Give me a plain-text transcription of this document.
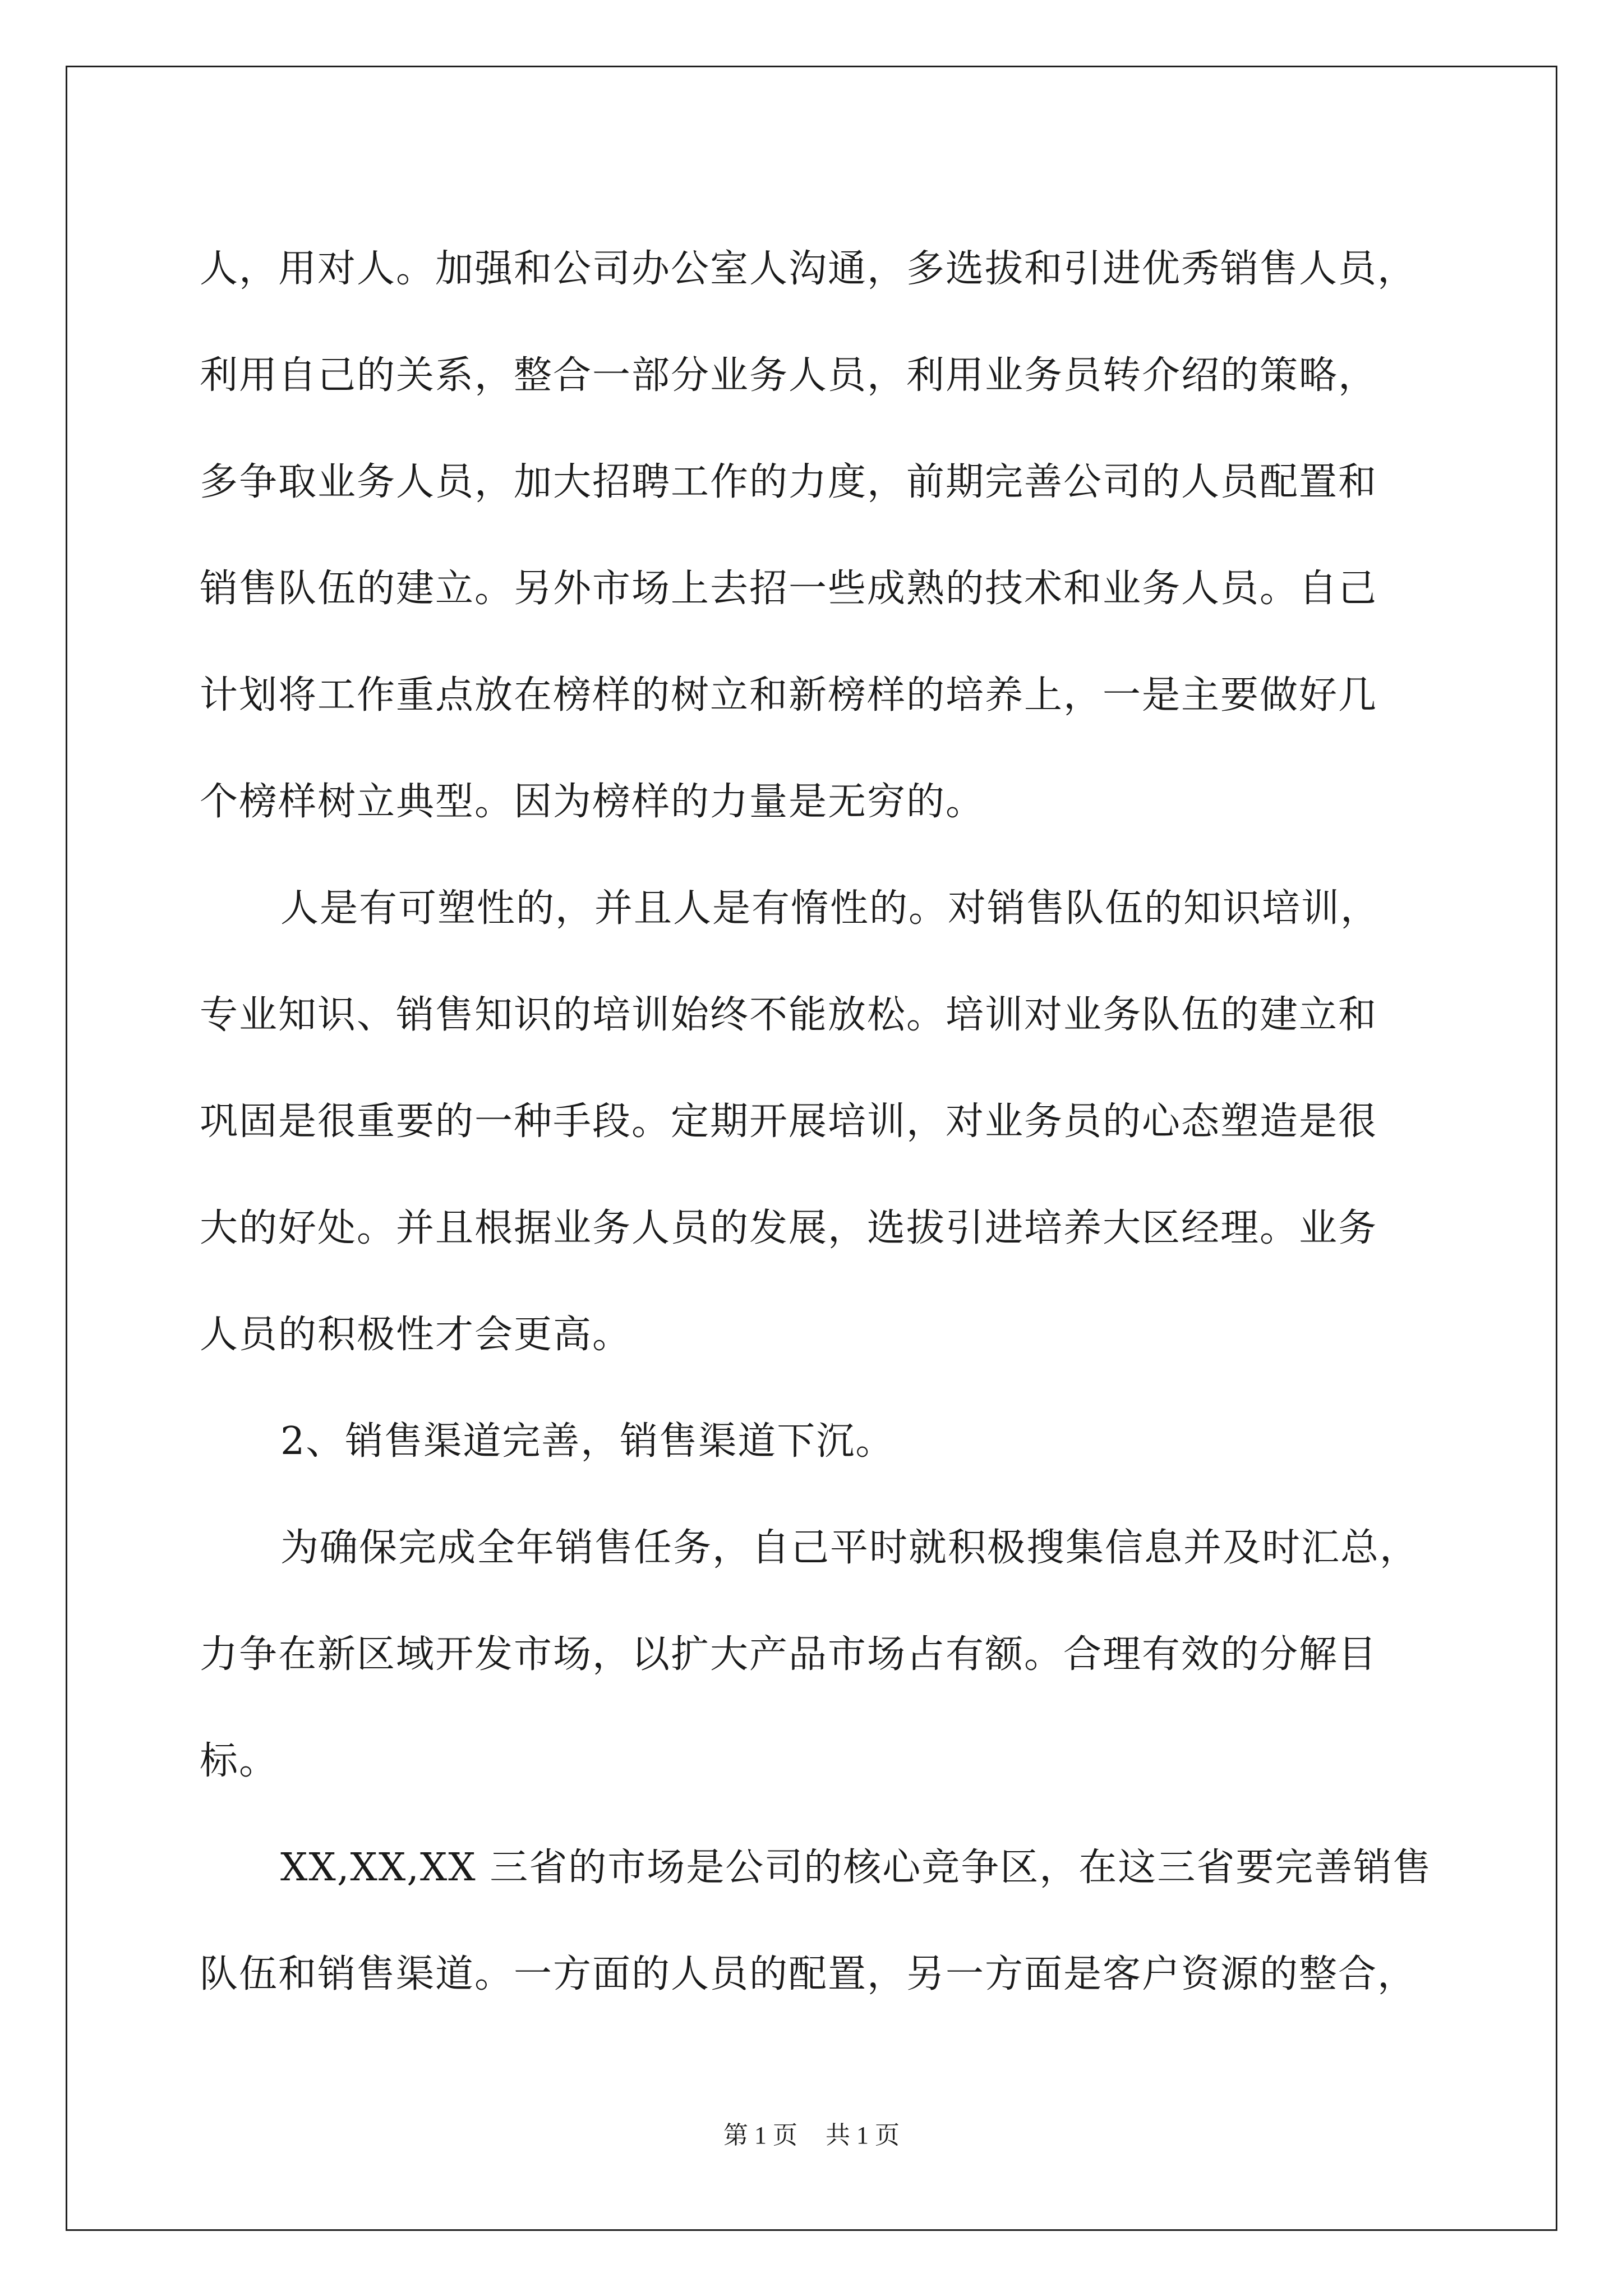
人，用对人。加强和公司办公室人沟通，多选拔和引进优秀销售人员，
利用自己的关系，整合一部分业务人员，利用业务员转介绍的策略，
多争取业务人员，加大招聘工作的力度，前期完善公司的人员配置和
销售队伍的建立。另外市场上去招一些成熟的技术和业务人员。自己
计划将工作重点放在榜样的树立和新榜样的培养上，一是主要做好几
个榜样树立典型。因为榜样的力量是无穷的。
人是有可塑性的，并且人是有惰性的。对销售队伍的知识培训，
专业知识、销售知识的培训始终不能放松。培训对业务队伍的建立和
巩固是很重要的一种手段。定期开展培训，对业务员的心态塑造是很
大的好处。并且根据业务人员的发展，选拔引进培养大区经理。业务
人员的积极性才会更高。
2、销售渠道完善，销售渠道下沉。
为确保完成全年销售任务，自己平时就积极搜集信息并及时汇总，
力争在新区域开发市场，以扩大产品市场占有额。合理有效的分解目
标。
XX,XX,XX 三省的市场是公司的核心竞争区，在这三省要完善销售
队伍和销售渠道。一方面的人员的配置，另一方面是客户资源的整合，
第 1 页 共 1 页
